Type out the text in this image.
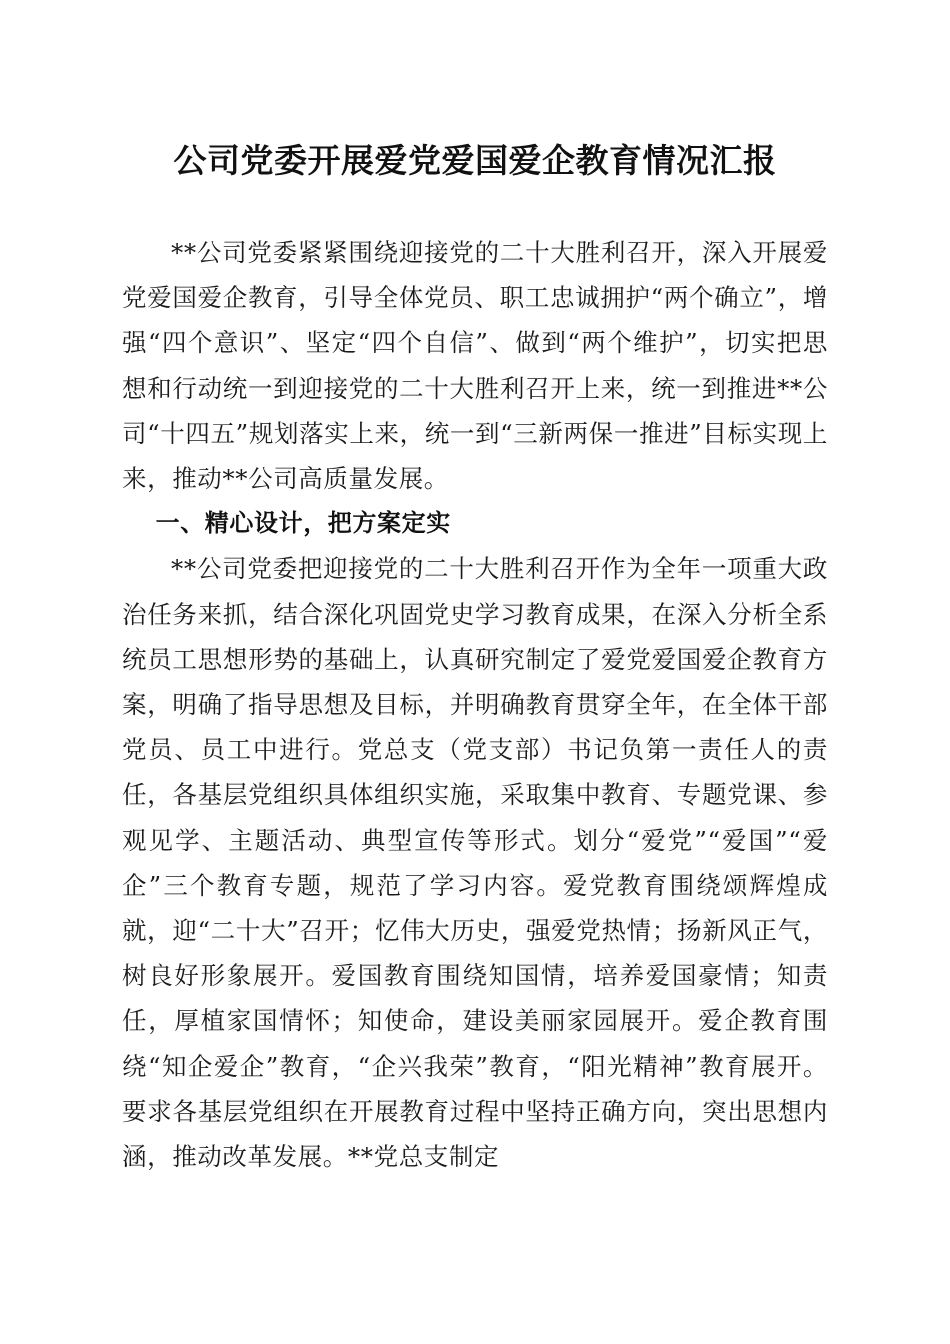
公司党委开展爱党爱国爱企教育情况汇报

**公司党委紧紧围绕迎接党的二十大胜利召开，深入开展爱党爱国爱企教育，引导全体党员、职工忠诚拥护“两个确立”，增强“四个意识”、坚定“四个自信”、做到“两个维护”，切实把思想和行动统一到迎接党的二十大胜利召开上来，统一到推进**公司“十四五”规划落实上来，统一到“三新两保一推进”目标实现上来，推动**公司高质量发展。

一、精心设计，把方案定实

**公司党委把迎接党的二十大胜利召开作为全年一项重大政治任务来抓，结合深化巩固党史学习教育成果，在深入分析全系统员工思想形势的基础上，认真研究制定了爱党爱国爱企教育方案，明确了指导思想及目标，并明确教育贯穿全年，在全体干部党员、员工中进行。党总支（党支部）书记负第一责任人的责任，各基层党组织具体组织实施，采取集中教育、专题党课、参观见学、主题活动、典型宣传等形式。划分“爱党”“爱国”“爱企”三个教育专题，规范了学习内容。爱党教育围绕颂辉煌成就，迎“二十大”召开；忆伟大历史，强爱党热情；扬新风正气，树良好形象展开。爱国教育围绕知国情，培养爱国豪情；知责任，厚植家国情怀；知使命，建设美丽家园展开。爱企教育围绕“知企爱企”教育，“企兴我荣”教育，“阳光精神”教育展开。要求各基层党组织在开展教育过程中坚持正确方向，突出思想内涵，推动改革发展。**党总支制定
